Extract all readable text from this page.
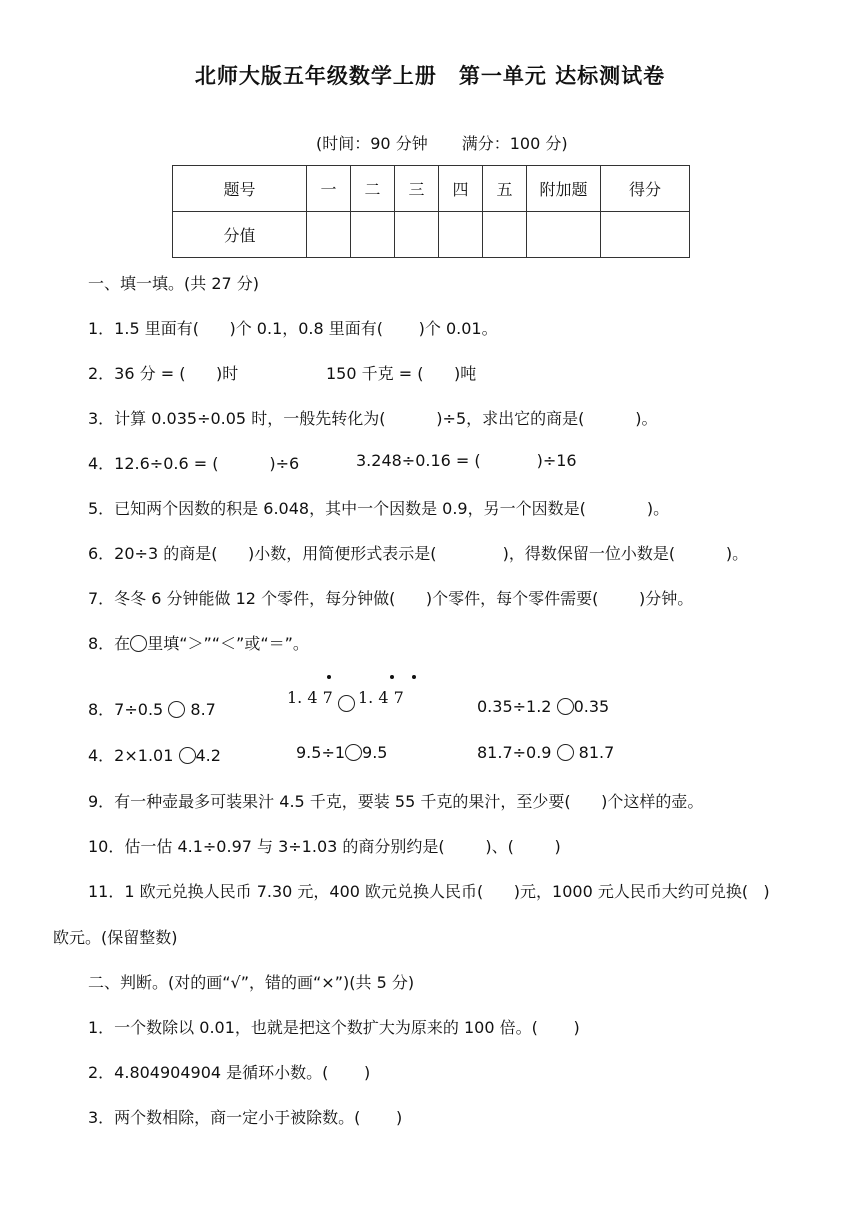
北师大版五年级数学上册　第一单元 达标测试卷
(时间：90 分钟 满分：100 分)
题号	一	二	三	四	五	附加题	得分
分值							
一、填一填。(共 27 分)
1．1.5 里面有(      )个 0.1，0.8 里面有(       )个 0.01。
2．36 分 = (      )时	150 千克 = (      )吨
3．计算 0.035÷0.05 时，一般先转化为(          )÷5，求出它的商是(          )。
4．12.6÷0.6 = (          )÷6	3.248÷0.16 = (           )÷16
5．已知两个因数的积是 6.048，其中一个因数是 0.9，另一个因数是(            )。
6．20÷3 的商是(      )小数，用简便形式表示是(             )，得数保留一位小数是(          )。
7．冬冬 6 分钟能做 12 个零件，每分钟做(      )个零件，每个零件需要(        )分钟。
8．在 里填“＞”“＜”或“＝”。
8．7÷0.5  8.7
1. 4 7 1. 4 7	0.35÷1.2 0.35
4．2×1.01 4.2	9.5÷1 9.5	81.7÷0.9  81.7
9．有一种壶最多可装果汁 4.5 千克，要装 55 千克的果汁，至少要(      )个这样的壶。
10．估一估 4.1÷0.97 与 3÷1.03 的商分别约是(        )、(        )
11．1 欧元兑换人民币 7.30 元，400 欧元兑换人民币(      )元，1000 元人民币大约可兑换(   )
欧元。(保留整数)
二、判断。(对的画“√”，错的画“×”)(共 5 分)
1．一个数除以 0.01，也就是把这个数扩大为原来的 100 倍。(       )
2．4.804904904 是循环小数。(       )
3．两个数相除，商一定小于被除数。(       )
